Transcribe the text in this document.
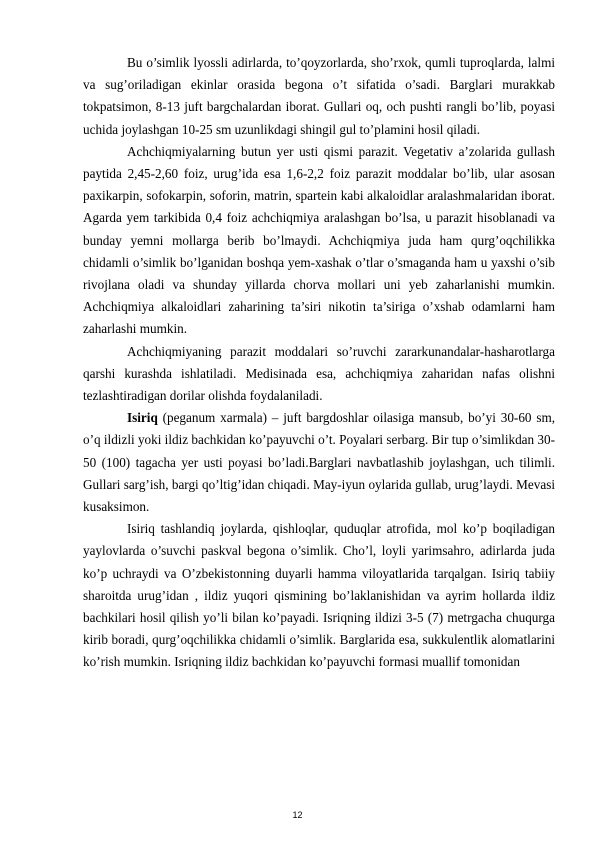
Bu o’simlik lyossli adirlarda, to’qoyzorlarda, sho’rxok, qumli tuproqlarda, lalmi va sug’oriladigan ekinlar orasida begona o’t sifatida o’sadi. Barglari murakkab tokpatsimon, 8-13 juft bargchalardan iborat. Gullari oq, och pushti rangli bo’lib, poyasi uchida joylashgan 10-25 sm uzunlikdagi shingil gul to’plamini hosil qiladi.

Achchiqmiyalarning butun yer usti qismi parazit. Vegetativ a’zolarida gullash paytida 2,45-2,60 foiz, urug’ida esa 1,6-2,2 foiz parazit moddalar bo’lib, ular asosan paxikarpin, sofokarpin, soforin, matrin, spartein kabi alkaloidlar aralashmalaridan iborat. Agarda yem tarkibida 0,4 foiz achchiqmiya aralashgan bo’lsa, u parazit hisoblanadi va bunday yemni mollarga berib bo’lmaydi. Achchiqmiya juda ham qurg’oqchilikka chidamli o’simlik bo’lganidan boshqa yem-xashak o’tlar o’smaganda ham u yaxshi o’sib rivojlana oladi va shunday yillarda chorva mollari uni yeb zaharlanishi mumkin. Achchiqmiya alkaloidlari zaharining ta’siri nikotin ta’siriga o’xshab odamlarni ham zaharlashi mumkin.

Achchiqmiyaning parazit moddalari so’ruvchi zararkunandalar-hasharotlarga qarshi kurashda ishlatiladi. Medisinada esa, achchiqmiya zaharidan nafas olishni tezlashtiradigan dorilar olishda foydalaniladi.

Isiriq (peganum xarmala) – juft bargdoshlar oilasiga mansub, bo’yi 30-60 sm, o’q ildizli yoki ildiz bachkidan ko’payuvchi o’t. Poyalari serbarg. Bir tup o’simlikdan 30-50 (100) tagacha yer usti poyasi bo’ladi.Barglari navbatlashib joylashgan, uch tilimli. Gullari sarg’ish, bargi qo’ltig’idan chiqadi. May-iyun oylarida gullab, urug’laydi. Mevasi kusaksimon.

Isiriq tashlandiq joylarda, qishloqlar, quduqlar atrofida, mol ko’p boqiladigan yaylovlarda o’suvchi paskval begona o’simlik. Cho’l, loyli yarimsahro, adirlarda juda ko’p uchraydi va O’zbekistonning duyarli hamma viloyatlarida tarqalgan. Isiriq tabiiy sharoitda urug’idan , ildiz yuqori qismining bo’laklanishidan va ayrim hollarda ildiz bachkilari hosil qilish yo’li bilan ko’payadi. Isriqning ildizi 3-5 (7) metrgacha chuqurga kirib boradi, qurg’oqchilikka chidamli o’simlik. Barglarida esa, sukkulentlik alomatlarini ko’rish mumkin. Isriqning ildiz bachkidan ko’payuvchi formasi muallif tomonidan

12
